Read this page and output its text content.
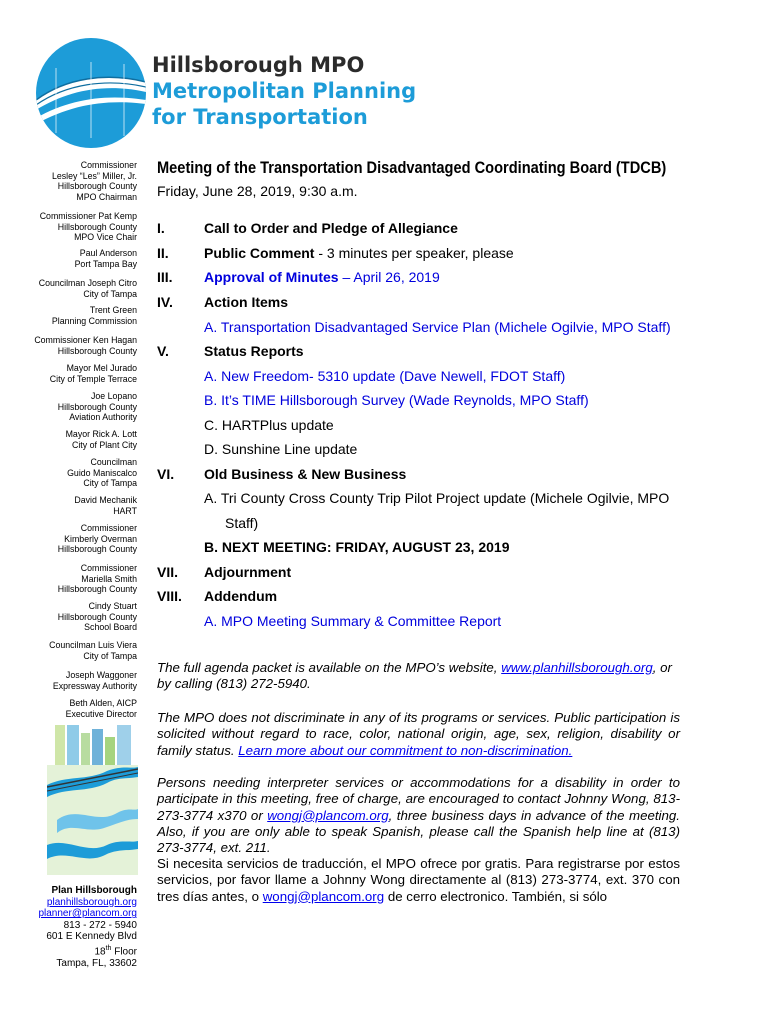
Hillsborough MPO
Metropolitan Planning
for Transportation
Commissioner
Lesley “Les” Miller, Jr.
Hillsborough County
MPO Chairman
Commissioner Pat Kemp
Hillsborough County
MPO Vice Chair
Paul Anderson
Port Tampa Bay
Councilman Joseph Citro
City of Tampa
Trent Green
Planning Commission
Commissioner Ken Hagan
Hillsborough County
Mayor Mel Jurado
City of Temple Terrace
Joe Lopano
Hillsborough County
Aviation Authority
Mayor Rick A. Lott
City of Plant City
Councilman
Guido Maniscalco
City of Tampa
David Mechanik
HART
Commissioner
Kimberly Overman
Hillsborough County
Commissioner
Mariella Smith
Hillsborough County
Cindy Stuart
Hillsborough County
School Board
Councilman Luis Viera
City of Tampa
Joseph Waggoner
Expressway Authority
Beth Alden, AICP
Executive Director
Plan Hillsborough
planhillsborough.org
planner@plancom.org
813 - 272 - 5940
601 E Kennedy Blvd
18th Floor
Tampa, FL, 33602
Meeting of the Transportation Disadvantaged Coordinating Board (TDCB)
Friday, June 28, 2019, 9:30 a.m.
I.	Call to Order and Pledge of Allegiance
II.	Public Comment - 3 minutes per speaker, please
III. Approval of Minutes – April 26, 2019
IV. Action Items
A. Transportation Disadvantaged Service Plan (Michele Ogilvie, MPO Staff)
V.	Status Reports
A. New Freedom- 5310 update (Dave Newell, FDOT Staff)
B. It’s TIME Hillsborough Survey (Wade Reynolds, MPO Staff)
C. HARTPlus update
D. Sunshine Line update
VI. Old Business & New Business
A. Tri County Cross County Trip Pilot Project update (Michele Ogilvie, MPO
Staff)
B. NEXT MEETING: FRIDAY, AUGUST 23, 2019
VII. Adjournment
VIII. Addendum
A. MPO Meeting Summary & Committee Report
The full agenda packet is available on the MPO’s website, www.planhillsborough.org, or by calling (813) 272-5940.
The MPO does not discriminate in any of its programs or services. Public participation is solicited without regard to race, color, national origin, age, sex, religion, disability or family status. Learn more about our commitment to non-discrimination.
Persons needing interpreter services or accommodations for a disability in order to participate in this meeting, free of charge, are encouraged to contact Johnny Wong, 813-273-3774 x370 or wongj@plancom.org, three business days in advance of the meeting. Also, if you are only able to speak Spanish, please call the Spanish help line at (813) 273-3774, ext. 211.
Si necesita servicios de traducción, el MPO ofrece por gratis. Para registrarse por estos servicios, por favor llame a Johnny Wong directamente al (813) 273-3774, ext. 370 con tres días antes, o wongj@plancom.org de cerro electronico. También, si sólo
